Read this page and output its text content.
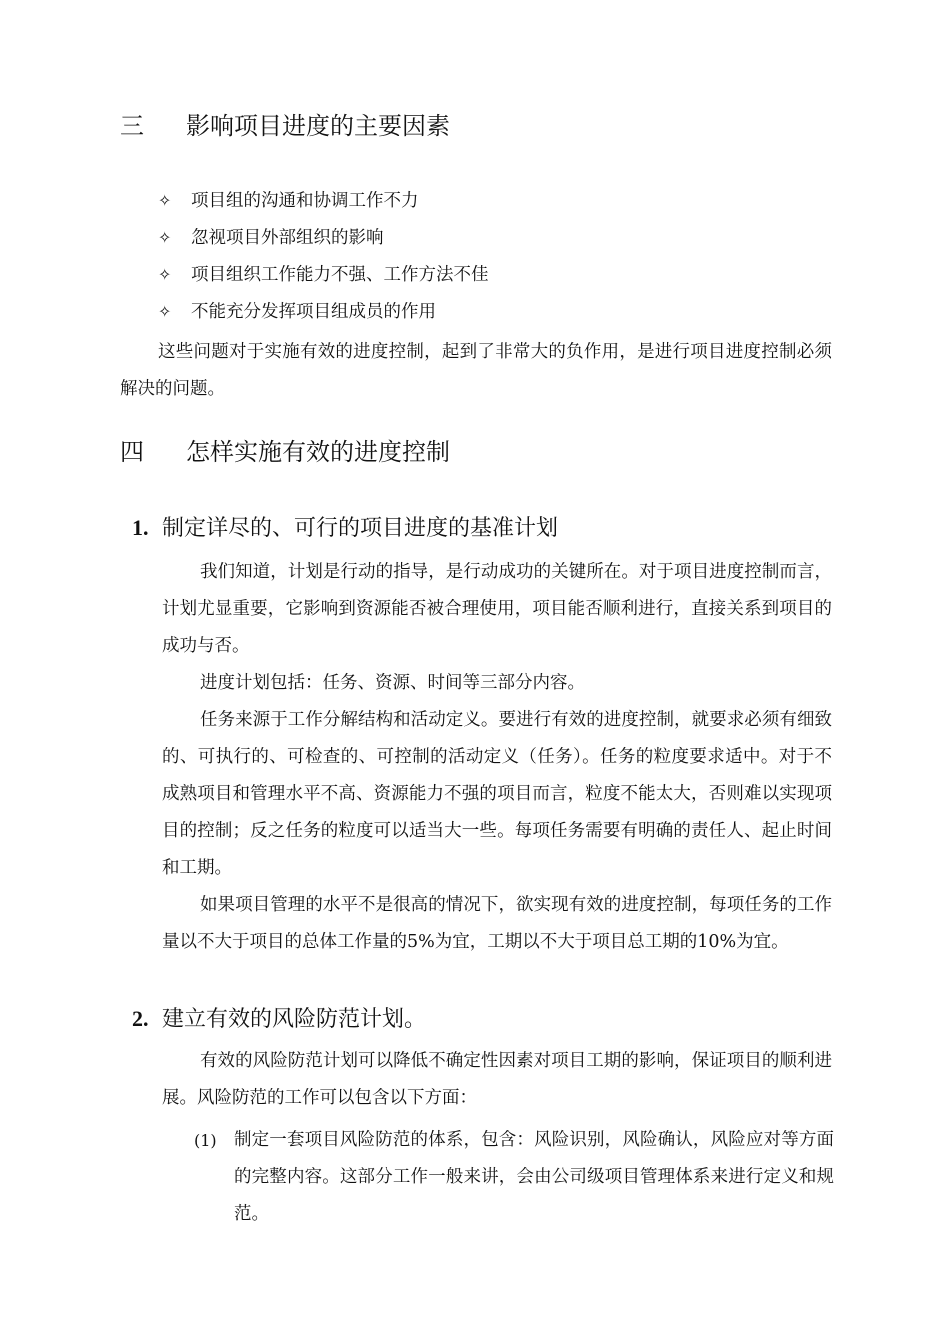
三 影响项目进度的主要因素
✧ 项目组的沟通和协调工作不力
✧ 忽视项目外部组织的影响
✧ 项目组织工作能力不强、工作方法不佳
✧ 不能充分发挥项目组成员的作用

这些问题对于实施有效的进度控制，起到了非常大的负作用，是进行项目进度控制必须解决的问题。

四 怎样实施有效的进度控制
1. 制定详尽的、可行的项目进度的基准计划

我们知道，计划是行动的指导，是行动成功的关键所在。对于项目进度控制而言，计划尤显重要，它影响到资源能否被合理使用，项目能否顺利进行，直接关系到项目的成功与否。

进度计划包括：任务、资源、时间等三部分内容。

任务来源于工作分解结构和活动定义。要进行有效的进度控制，就要求必须有细致的、可执行的、可检查的、可控制的活动定义（任务）。任务的粒度要求适中。对于不成熟项目和管理水平不高、资源能力不强的项目而言，粒度不能太大，否则难以实现项目的控制；反之任务的粒度可以适当大一些。每项任务需要有明确的责任人、起止时间和工期。

如果项目管理的水平不是很高的情况下，欲实现有效的进度控制，每项任务的工作量以不大于项目的总体工作量的5%为宜，工期以不大于项目总工期的10%为宜。

2. 建立有效的风险防范计划。

有效的风险防范计划可以降低不确定性因素对项目工期的影响，保证项目的顺利进展。风险防范的工作可以包含以下方面：

(1) 制定一套项目风险防范的体系，包含：风险识别，风险确认，风险应对等方面的完整内容。这部分工作一般来讲，会由公司级项目管理体系来进行定义和规范。
